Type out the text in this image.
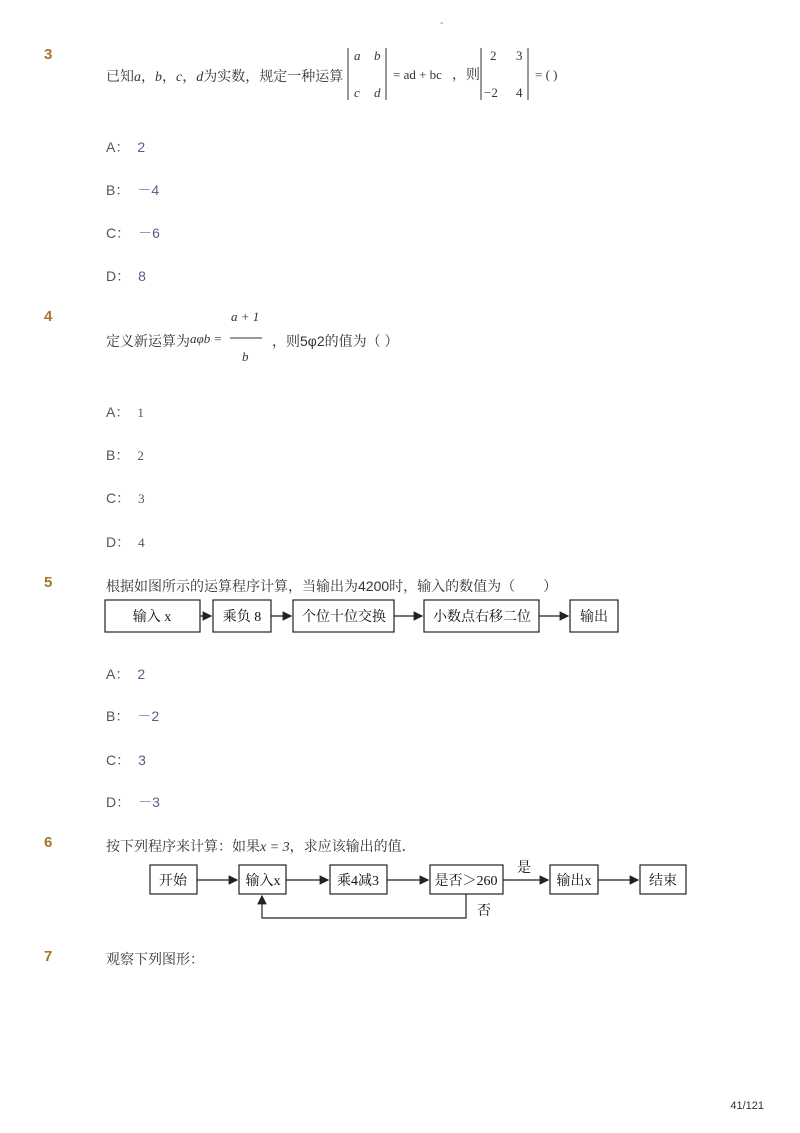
-
3
已知a，b，c，d为实数，规定一种运算
a b
c d
= ad + bc ，则
2 3
−2 4
= ( )
A： 2
B： －4
C： －6
D： 8
4
定义新运算为 aφb =
a + 1
b
，则5φ2的值为（ ）
A： 1
B： 2
C： 3
D： 4
5	根据如图所示的运算程序计算，当输出为4200时，输入的数值为（　　）
输入 x	乘负 8	个位十位交换	小数点右移二位	输出
A： 2
B： －2
C： 3
D： －3
6	按下列程序来计算：如果x = 3，求应该输出的值．
开始	输入x	乘4减3	是否＞260
是
输出x	结束
否
7	观察下列图形：
41/121
